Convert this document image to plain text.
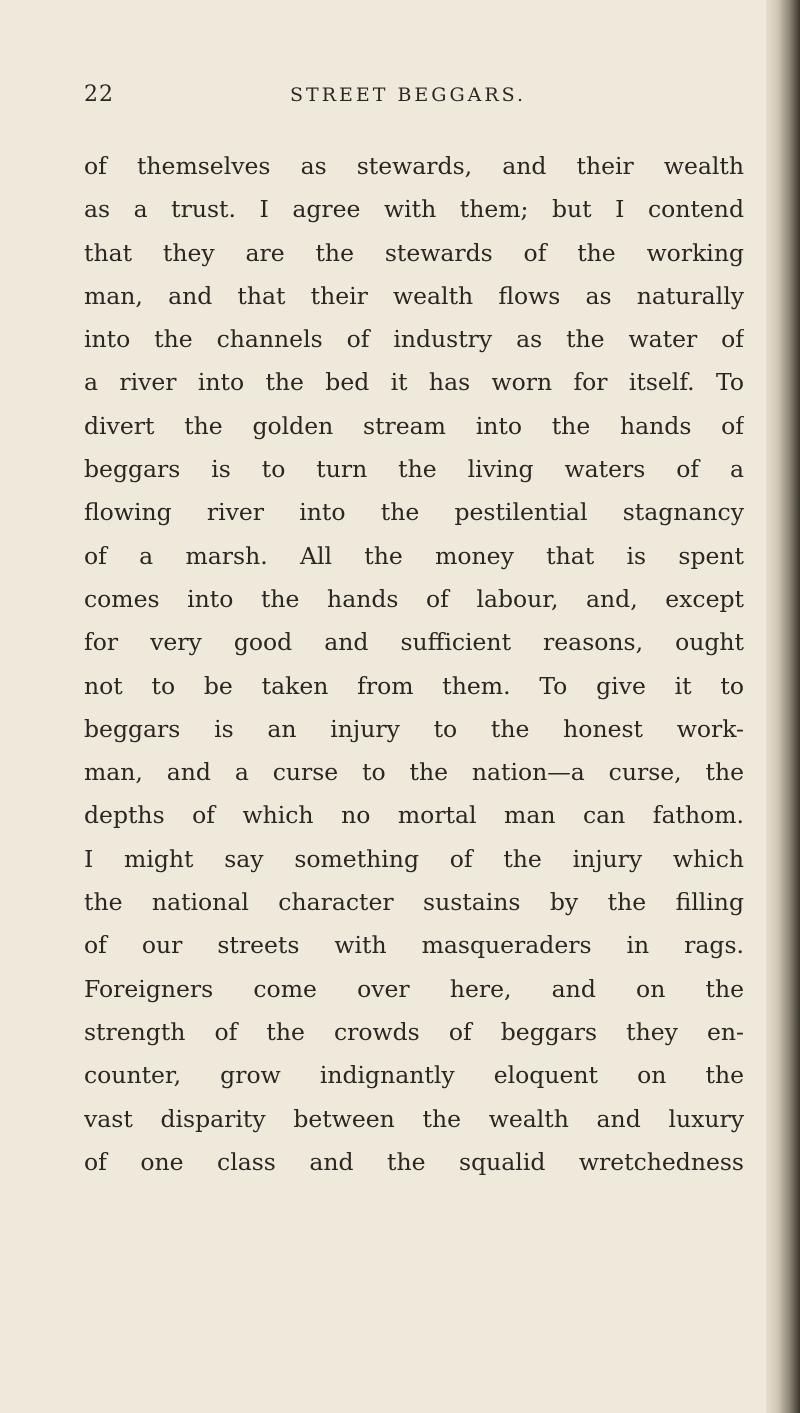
22	STREET BEGGARS.
of themselves as stewards, and their wealth
as a trust. I agree with them; but I contend
that they are the stewards of the working
man, and that their wealth flows as naturally
into the channels of industry as the water of
a river into the bed it has worn for itself. To
divert the golden stream into the hands of
beggars is to turn the living waters of a
flowing river into the pestilential stagnancy
of a marsh. All the money that is spent
comes into the hands of labour, and, except
for very good and sufficient reasons, ought
not to be taken from them. To give it to
beggars is an injury to the honest work-
man, and a curse to the nation—a curse, the
depths of which no mortal man can fathom.
I might say something of the injury which
the national character sustains by the filling
of our streets with masqueraders in rags.
Foreigners come over here, and on the
strength of the crowds of beggars they en-
counter, grow indignantly eloquent on the
vast disparity between the wealth and luxury
of one class and the squalid wretchedness
